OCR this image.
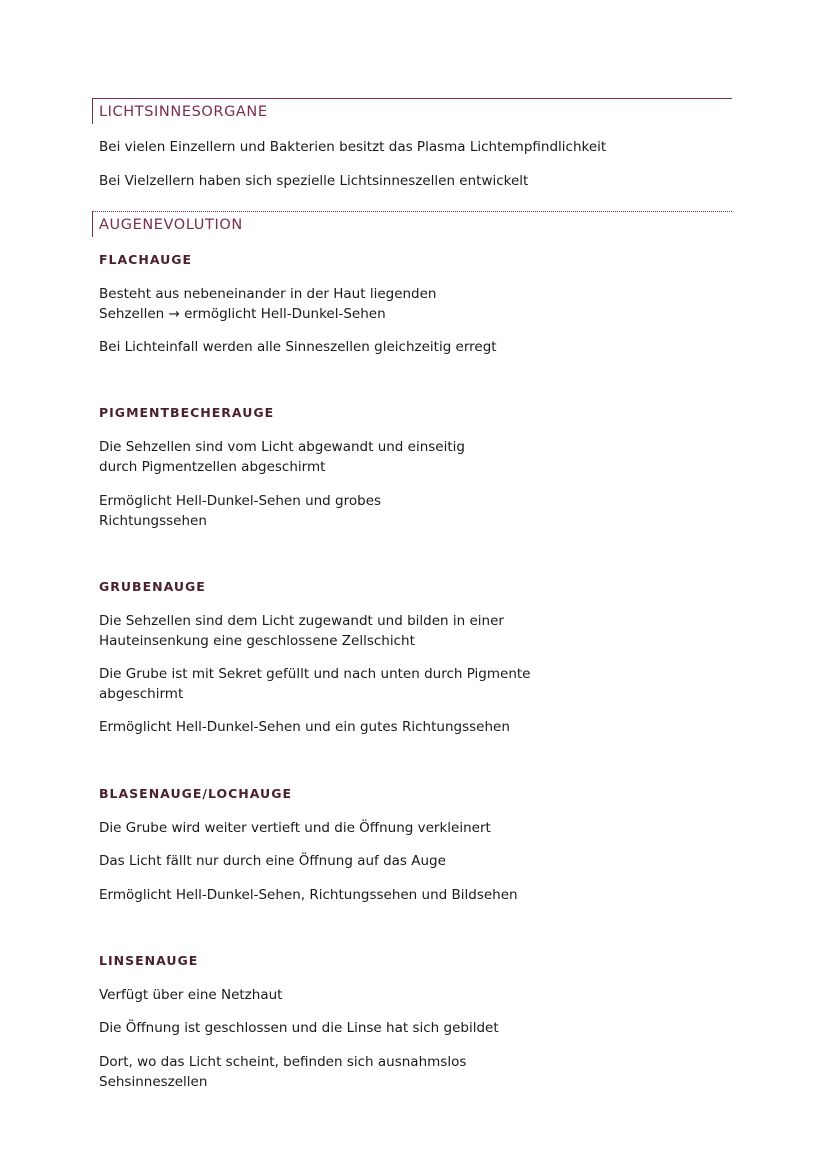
LICHTSINNESORGANE

Bei vielen Einzellern und Bakterien besitzt das Plasma Lichtempfindlichkeit

Bei Vielzellern haben sich spezielle Lichtsinneszellen entwickelt

AUGENEVOLUTION
FLACHAUGE

Besteht aus nebeneinander in der Haut liegenden
Sehzellen → ermöglicht Hell-Dunkel-Sehen

Bei Lichteinfall werden alle Sinneszellen gleichzeitig erregt

PIGMENTBECHERAUGE

Die Sehzellen sind vom Licht abgewandt und einseitig
durch Pigmentzellen abgeschirmt

Ermöglicht Hell-Dunkel-Sehen und grobes
Richtungssehen

GRUBENAUGE

Die Sehzellen sind dem Licht zugewandt und bilden in einer
Hauteinsenkung eine geschlossene Zellschicht

Die Grube ist mit Sekret gefüllt und nach unten durch Pigmente
abgeschirmt

Ermöglicht Hell-Dunkel-Sehen und ein gutes Richtungssehen

BLASENAUGE/LOCHAUGE

Die Grube wird weiter vertieft und die Öffnung verkleinert

Das Licht fällt nur durch eine Öffnung auf das Auge

Ermöglicht Hell-Dunkel-Sehen, Richtungssehen und Bildsehen

LINSENAUGE

Verfügt über eine Netzhaut

Die Öffnung ist geschlossen und die Linse hat sich gebildet

Dort, wo das Licht scheint, befinden sich ausnahmslos
Sehsinneszellen
